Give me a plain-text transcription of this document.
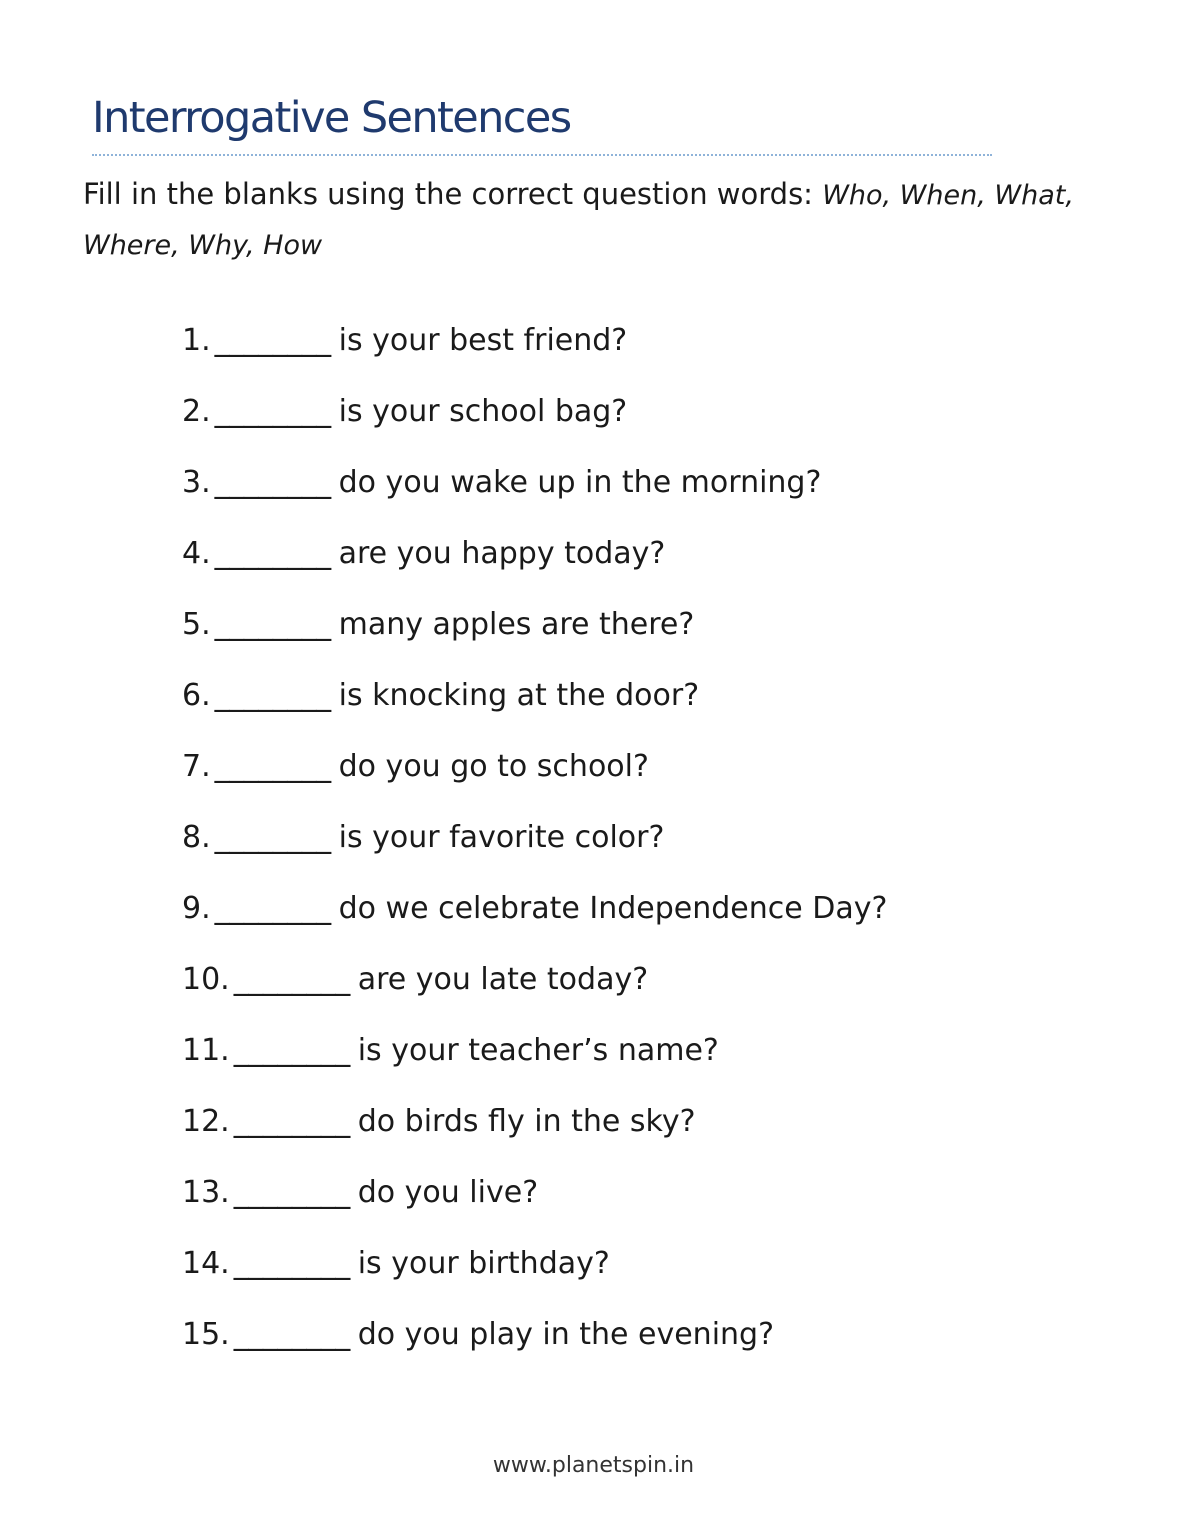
Interrogative Sentences
Fill in the blanks using the correct question words: Who, When, What, Where, Why, How
1. ________ is your best friend?
2. ________ is your school bag?
3. ________ do you wake up in the morning?
4. ________ are you happy today?
5. ________ many apples are there?
6. ________ is knocking at the door?
7. ________ do you go to school?
8. ________ is your favorite color?
9. ________ do we celebrate Independence Day?
10. ________ are you late today?
11. ________ is your teacher’s name?
12. ________ do birds fly in the sky?
13. ________ do you live?
14. ________ is your birthday?
15. ________ do you play in the evening?
www.planetspin.in
